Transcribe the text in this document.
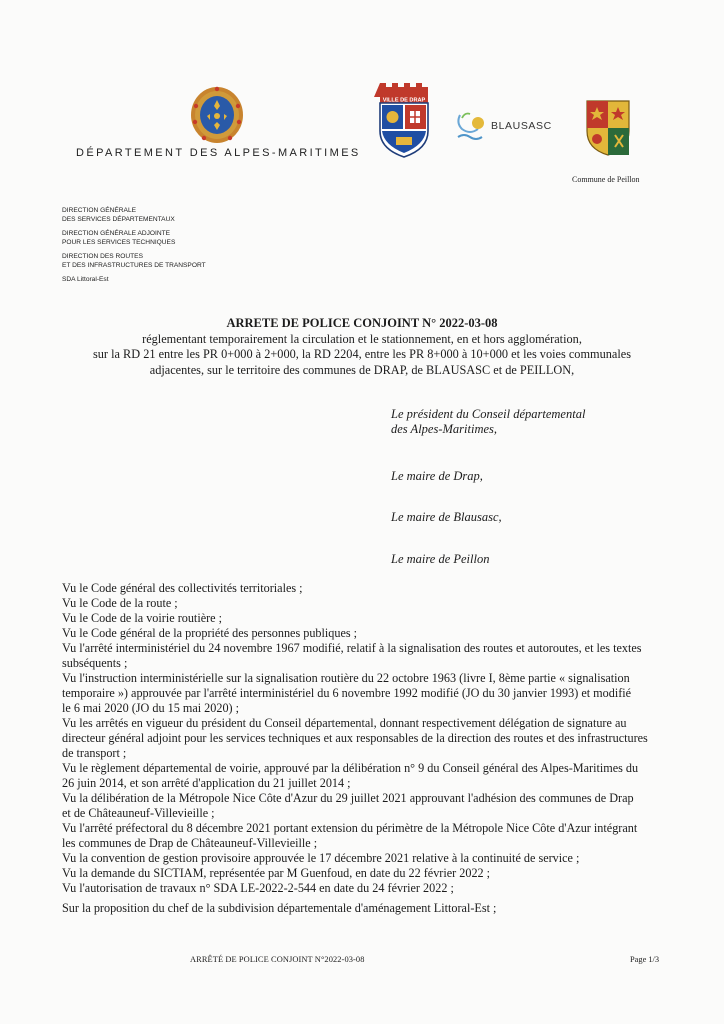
DÉPARTEMENT DES ALPES-MARITIMES
VILLE DE DRAP
BLAUSASC
Commune de Peillon
DIRECTION GÉNÉRALE
DES SERVICES DÉPARTEMENTAUX
DIRECTION GÉNÉRALE ADJOINTE
POUR LES SERVICES TECHNIQUES
DIRECTION DES ROUTES
ET DES INFRASTRUCTURES DE TRANSPORT
SDA Littoral-Est
ARRETE DE POLICE CONJOINT N° 2022-03-08
réglementant temporairement la circulation et le stationnement, en et hors agglomération,
sur la RD 21 entre les PR 0+000 à 2+000, la RD 2204, entre les PR 8+000 à 10+000 et les voies communales
adjacentes, sur le territoire des communes de DRAP, de BLAUSASC et de PEILLON,
Le président du Conseil départemental
des Alpes-Maritimes,
Le maire de Drap,
Le maire de Blausasc,
Le maire de Peillon

Vu le Code général des collectivités territoriales ;

Vu le Code de la route ;

Vu le Code de la voirie routière ;

Vu le Code général de la propriété des personnes publiques ;

Vu l'arrêté interministériel du 24 novembre 1967 modifié, relatif à la signalisation des routes et autoroutes, et les textes

subséquents ;

Vu l'instruction interministérielle sur la signalisation routière du 22 octobre 1963 (livre I, 8ème partie « signalisation

temporaire ») approuvée par l'arrêté interministériel du 6 novembre 1992 modifié (JO du 30 janvier 1993) et modifié

le 6 mai 2020 (JO du 15 mai 2020) ;

Vu les arrêtés en vigueur du président du Conseil départemental, donnant respectivement délégation de signature au

directeur général adjoint pour les services techniques et aux responsables de la direction des routes et des infrastructures

de transport ;

Vu le règlement départemental de voirie, approuvé par la délibération n° 9 du Conseil général des Alpes-Maritimes du

26 juin 2014, et son arrêté d'application du 21 juillet 2014 ;

Vu la délibération de la Métropole Nice Côte d'Azur du 29 juillet 2021 approuvant l'adhésion des communes de Drap

et de Châteauneuf-Villevieille ;

Vu l'arrêté préfectoral du 8 décembre 2021 portant extension du périmètre de la Métropole Nice Côte d'Azur intégrant

les communes de Drap de Châteauneuf-Villevieille ;

Vu la convention de gestion provisoire approuvée le 17 décembre 2021 relative à la continuité de service ;

Vu la demande du SICTIAM, représentée par M Guenfoud, en date du 22 février 2022 ;

Vu l'autorisation de travaux n° SDA LE-2022-2-544 en date du 24 février 2022 ;

Sur la proposition du chef de la subdivision départementale d'aménagement Littoral-Est ;

ARRÊTÉ DE POLICE CONJOINT N°2022-03-08	Page 1/3
